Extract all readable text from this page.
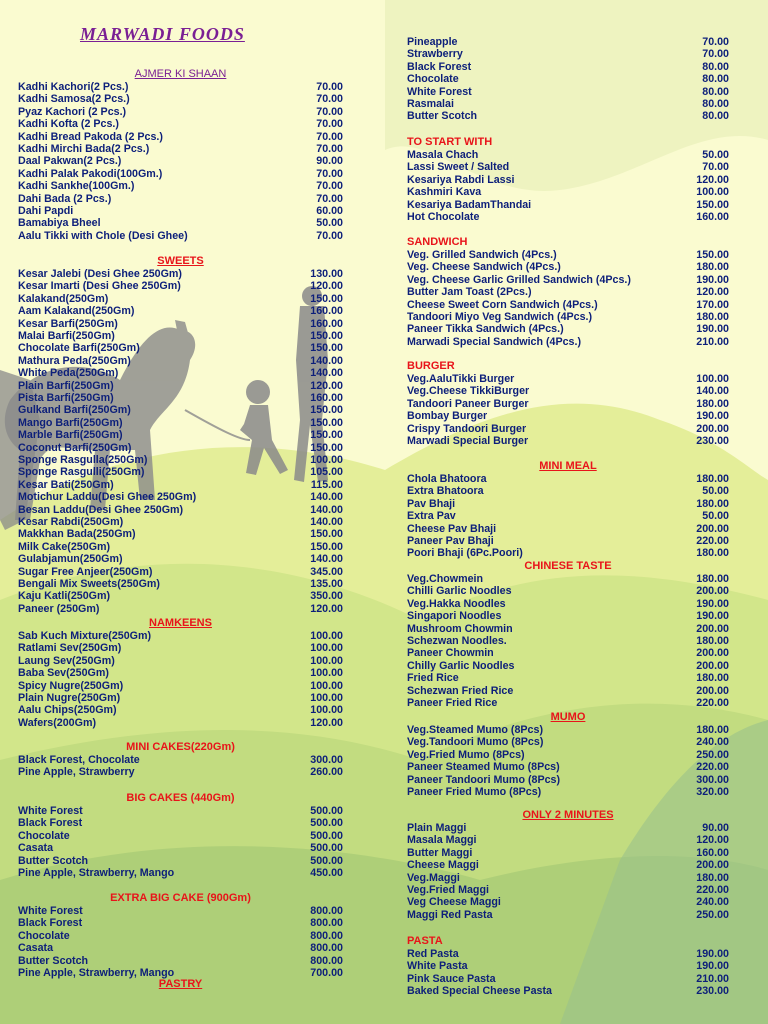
MARWADI FOODS
AJMER KI SHAAN
Kadhi Kachori(2 Pcs.)	70.00
Kadhi Samosa(2 Pcs.)	70.00
Pyaz Kachori (2 Pcs.)	70.00
Kadhi Kofta (2 Pcs.)	70.00
Kadhi Bread Pakoda (2 Pcs.)	70.00
Kadhi Mirchi Bada(2 Pcs.)	70.00
Daal Pakwan(2 Pcs.)	90.00
Kadhi Palak Pakodi(100Gm.)	70.00
Kadhi Sankhe(100Gm.)	70.00
Dahi Bada (2 Pcs.)	70.00
Dahi Papdi	60.00
Bamabiya Bheel	50.00
Aalu Tikki with Chole (Desi Ghee)	70.00
SWEETS
Kesar Jalebi (Desi Ghee 250Gm)	130.00
Kesar Imarti (Desi Ghee 250Gm)	120.00
Kalakand(250Gm)	150.00
Aam Kalakand(250Gm)	160.00
Kesar Barfi(250Gm)	160.00
Malai Barfi(250Gm)	150.00
Chocolate Barfi(250Gm)	150.00
Mathura Peda(250Gm)	140.00
White Peda(250Gm)	140.00
Plain Barfi(250Gm)	120.00
Pista Barfi(250Gm)	160.00
Gulkand Barfi(250Gm)	150.00
Mango Barfi(250Gm)	150.00
Marble Barfi(250Gm)	150.00
Coconut Barfi(250Gm)	150.00
Sponge Rasgulla(250Gm)	100.00
Sponge Rasgulli(250Gm)	105.00
Kesar Bati(250Gm)	115.00
Motichur Laddu(Desi Ghee 250Gm)	140.00
Besan Laddu(Desi Ghee 250Gm)	140.00
Kesar Rabdi(250Gm)	140.00
Makkhan Bada(250Gm)	150.00
Milk Cake(250Gm)	150.00
Gulabjamun(250Gm)	140.00
Sugar Free Anjeer(250Gm)	345.00
Bengali Mix Sweets(250Gm)	135.00
Kaju Katli(250Gm)	350.00
Paneer (250Gm)	120.00
NAMKEENS
Sab Kuch Mixture(250Gm)	100.00
Ratlami Sev(250Gm)	100.00
Laung Sev(250Gm)	100.00
Baba Sev(250Gm)	100.00
Spicy Nugre(250Gm)	100.00
Plain Nugre(250Gm)	100.00
Aalu Chips(250Gm)	100.00
Wafers(200Gm)	120.00
MINI CAKES(220Gm)
Black Forest, Chocolate	300.00
Pine Apple, Strawberry	260.00
BIG CAKES (440Gm)
White Forest	500.00
Black Forest	500.00
Chocolate	500.00
Casata	500.00
Butter Scotch	500.00
Pine Apple, Strawberry, Mango	450.00
EXTRA BIG CAKE (900Gm)
White Forest	800.00
Black Forest	800.00
Chocolate	800.00
Casata	800.00
Butter Scotch	800.00
Pine Apple, Strawberry, Mango	700.00
PASTRY
Pineapple	70.00
Strawberry	70.00
Black Forest	80.00
Chocolate	80.00
White Forest	80.00
Rasmalai	80.00
Butter Scotch	80.00
TO START WITH
Masala Chach	50.00
Lassi Sweet / Salted	70.00
Kesariya Rabdi Lassi	120.00
Kashmiri Kava	100.00
Kesariya BadamThandai	150.00
Hot Chocolate	160.00
SANDWICH
Veg. Grilled Sandwich (4Pcs.)	150.00
Veg. Cheese Sandwich (4Pcs.)	180.00
Veg. Cheese Garlic Grilled Sandwich (4Pcs.)	190.00
Butter Jam Toast (2Pcs.)	120.00
Cheese Sweet Corn Sandwich (4Pcs.)	170.00
Tandoori Miyo Veg Sandwich (4Pcs.)	180.00
Paneer Tikka Sandwich (4Pcs.)	190.00
Marwadi Special Sandwich (4Pcs.)	210.00
BURGER
Veg.AaluTikki Burger	100.00
Veg.Cheese TikkiBurger	140.00
Tandoori Paneer Burger	180.00
Bombay Burger	190.00
Crispy Tandoori Burger	200.00
Marwadi Special Burger	230.00
MINI MEAL
Chola Bhatoora	180.00
Extra Bhatoora	50.00
Pav Bhaji	180.00
Extra Pav	50.00
Cheese Pav Bhaji	200.00
Paneer Pav Bhaji	220.00
Poori Bhaji (6Pc.Poori)	180.00
CHINESE TASTE
Veg.Chowmein	180.00
Chilli Garlic Noodles	200.00
Veg.Hakka Noodles	190.00
Singapori Noodles	190.00
Mushroom Chowmin	200.00
Schezwan Noodles.	180.00
Paneer Chowmin	200.00
Chilly Garlic Noodles	200.00
Fried Rice	180.00
Schezwan Fried Rice	200.00
Paneer Fried Rice	220.00
MUMO
Veg.Steamed Mumo (8Pcs)	180.00
Veg.Tandoori Mumo (8Pcs)	240.00
Veg.Fried Mumo (8Pcs)	250.00
Paneer Steamed Mumo (8Pcs)	220.00
Paneer Tandoori Mumo (8Pcs)	300.00
Paneer Fried Mumo (8Pcs)	320.00
ONLY 2 MINUTES
Plain Maggi	90.00
Masala Maggi	120.00
Butter Maggi	160.00
Cheese Maggi	200.00
Veg.Maggi	180.00
Veg.Fried Maggi	220.00
Veg Cheese Maggi	240.00
Maggi Red Pasta	250.00
PASTA
Red Pasta	190.00
White Pasta	190.00
Pink Sauce Pasta	210.00
Baked Special Cheese Pasta	230.00
